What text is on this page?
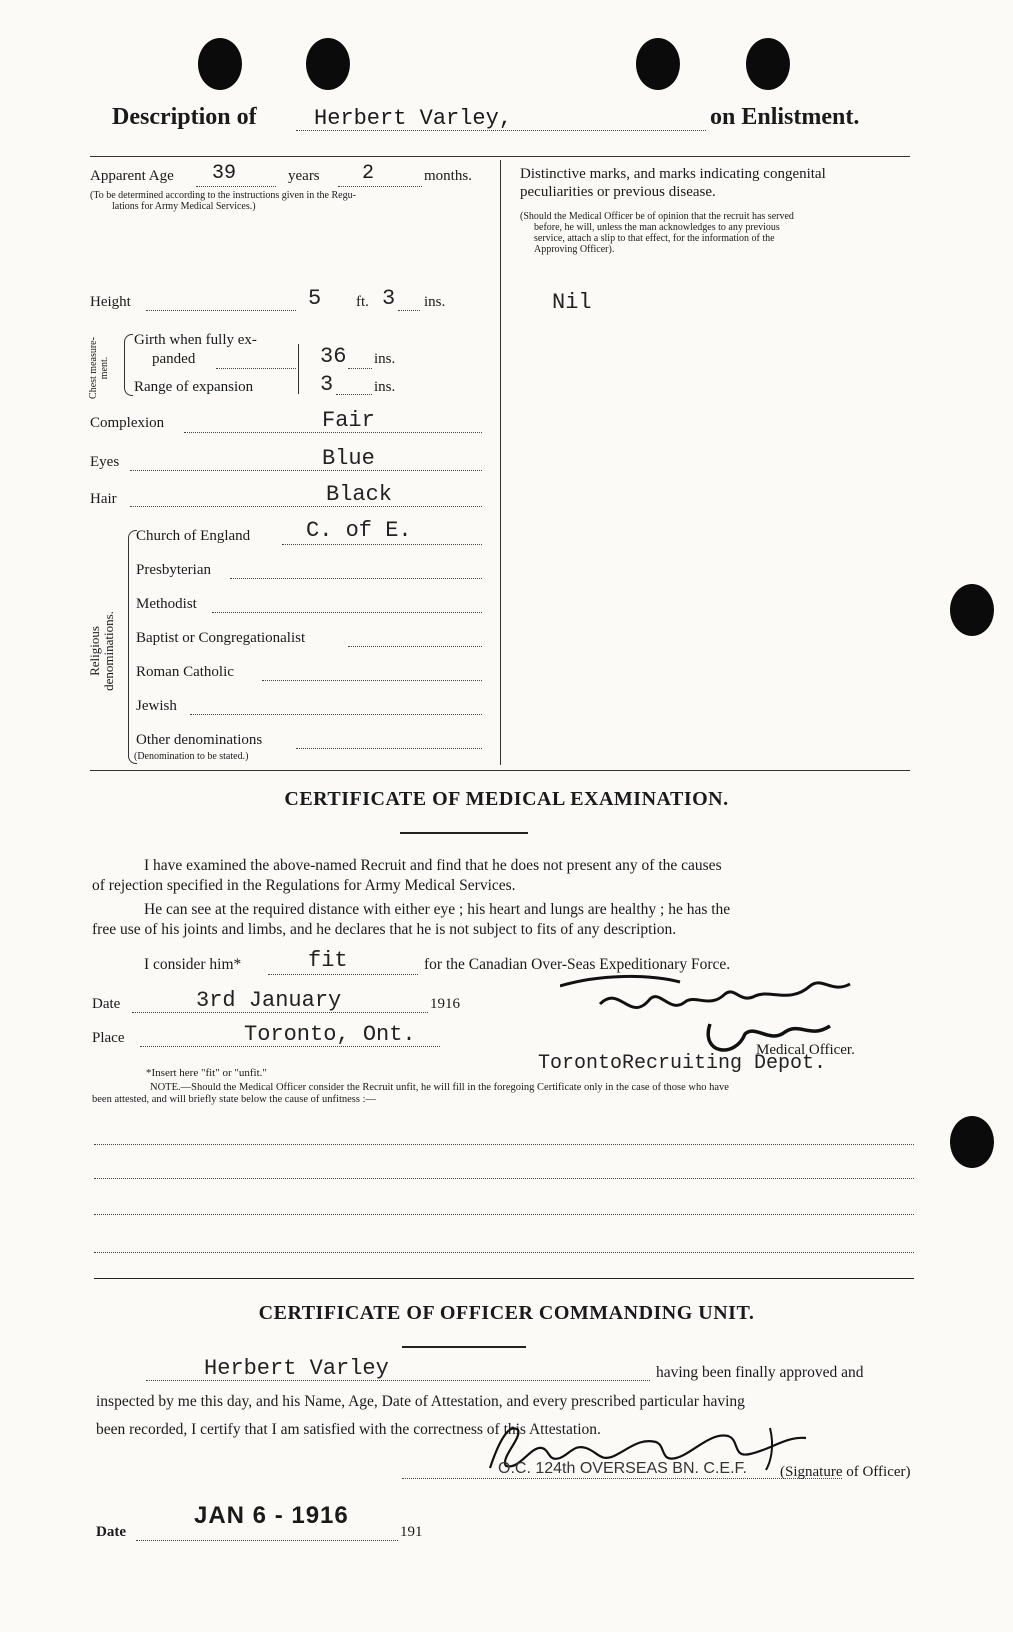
Description of	Herbert Varley,	on Enlistment.
Apparent Age 39	years 2	months.
(To be determined according to the instructions given in the Regu-
lations for Army Medical Services.)
Height	5 ft. 3 ins.
Chest measure-ment.
Girth when fully ex-
panded	36 ins.
Range of expansion	3	ins.
Complexion	Fair
Eyes	Blue
Hair	Black
Religious denominations.
Church of England	C. of E.
Presbyterian
Methodist
Baptist or Congregationalist
Roman Catholic
Jewish
Other denominations
(Denomination to be stated.)
Distinctive marks, and marks indicating congenital
peculiarities or previous disease.
(Should the Medical Officer be of opinion that the recruit has served
before, he will, unless the man acknowledges to any previous
service, attach a slip to that effect, for the information of the
Approving Officer).
Nil
CERTIFICATE OF MEDICAL EXAMINATION.
I have examined the above-named Recruit and find that he does not present any of the causes
of rejection specified in the Regulations for Army Medical Services.
He can see at the required distance with either eye ; his heart and lungs are healthy ; he has the
free use of his joints and limbs, and he declares that he is not subject to fits of any description.
I consider him*	fit	for the Canadian Over-Seas Expeditionary Force.
Date	3rd January	1916
Place	Toronto, Ont.
*Insert here "fit" or "unfit."	TorontoRecruiting Depot.
Medical Officer.
NOTE.—Should the Medical Officer consider the Recruit unfit, he will fill in the foregoing Certificate only in the case of those who have
been attested, and will briefly state below the cause of unfitness :—
CERTIFICATE OF OFFICER COMMANDING UNIT.
Herbert Varley	having been finally approved and
inspected by me this day, and his Name, Age, Date of Attestation, and every prescribed particular having
been recorded, I certify that I am satisfied with the correctness of this Attestation.
O.C. 124th OVERSEAS BN. C.E.F. (Signature of Officer)
Date
JAN 6 - 1916
191
